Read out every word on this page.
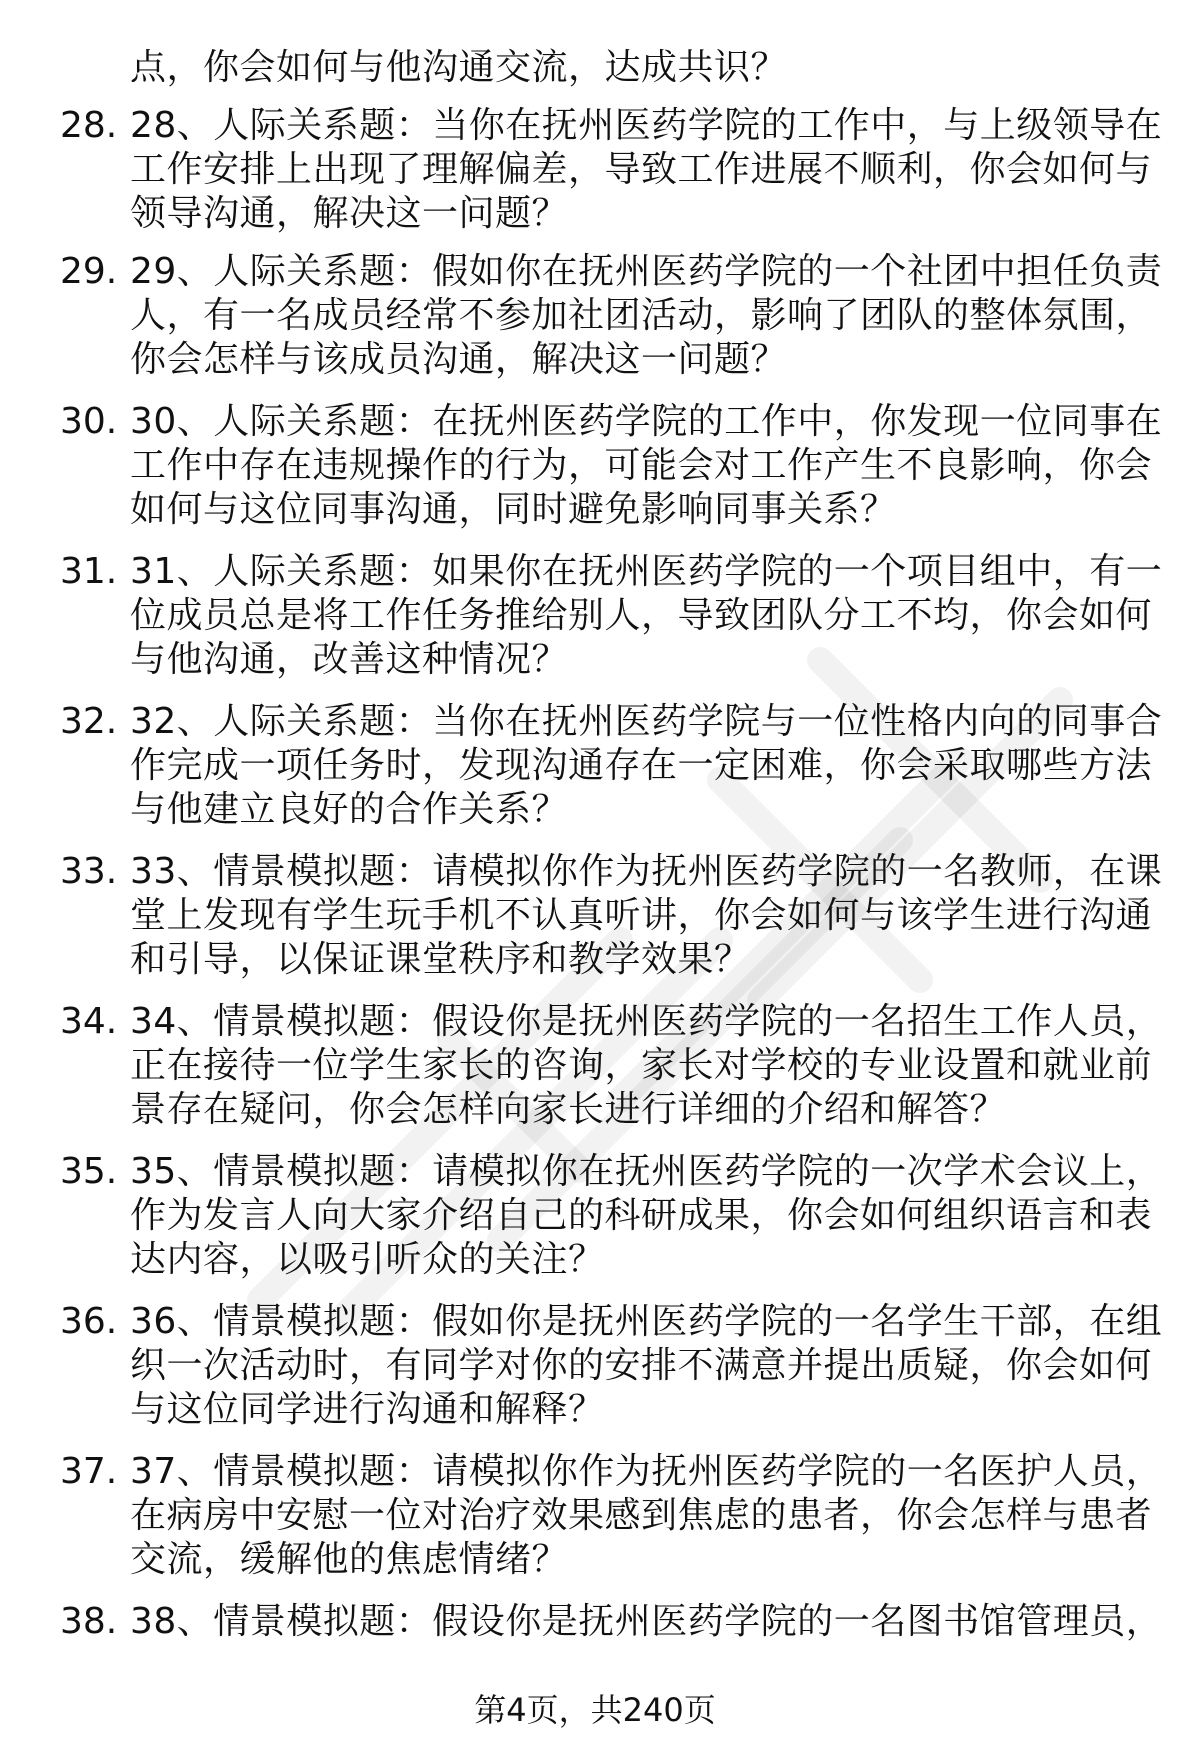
点，你会如何与他沟通交流，达成共识？
28. 28、人际关系题：当你在抚州医药学院的工作中，与上级领导在
工作安排上出现了理解偏差，导致工作进展不顺利，你会如何与
领导沟通，解决这一问题？
29. 29、人际关系题：假如你在抚州医药学院的一个社团中担任负责
人，有一名成员经常不参加社团活动，影响了团队的整体氛围，
你会怎样与该成员沟通，解决这一问题？
30. 30、人际关系题：在抚州医药学院的工作中，你发现一位同事在
工作中存在违规操作的行为，可能会对工作产生不良影响，你会
如何与这位同事沟通，同时避免影响同事关系？
31. 31、人际关系题：如果你在抚州医药学院的一个项目组中，有一
位成员总是将工作任务推给别人，导致团队分工不均，你会如何
与他沟通，改善这种情况？
32. 32、人际关系题：当你在抚州医药学院与一位性格内向的同事合
作完成一项任务时，发现沟通存在一定困难，你会采取哪些方法
与他建立良好的合作关系？
33. 33、情景模拟题：请模拟你作为抚州医药学院的一名教师，在课
堂上发现有学生玩手机不认真听讲，你会如何与该学生进行沟通
和引导，以保证课堂秩序和教学效果？
34. 34、情景模拟题：假设你是抚州医药学院的一名招生工作人员，
正在接待一位学生家长的咨询，家长对学校的专业设置和就业前
景存在疑问，你会怎样向家长进行详细的介绍和解答？
35. 35、情景模拟题：请模拟你在抚州医药学院的一次学术会议上，
作为发言人向大家介绍自己的科研成果，你会如何组织语言和表
达内容，以吸引听众的关注？
36. 36、情景模拟题：假如你是抚州医药学院的一名学生干部，在组
织一次活动时，有同学对你的安排不满意并提出质疑，你会如何
与这位同学进行沟通和解释？
37. 37、情景模拟题：请模拟你作为抚州医药学院的一名医护人员，
在病房中安慰一位对治疗效果感到焦虑的患者，你会怎样与患者
交流，缓解他的焦虑情绪？
38. 38、情景模拟题：假设你是抚州医药学院的一名图书馆管理员，
第4页，共240页
